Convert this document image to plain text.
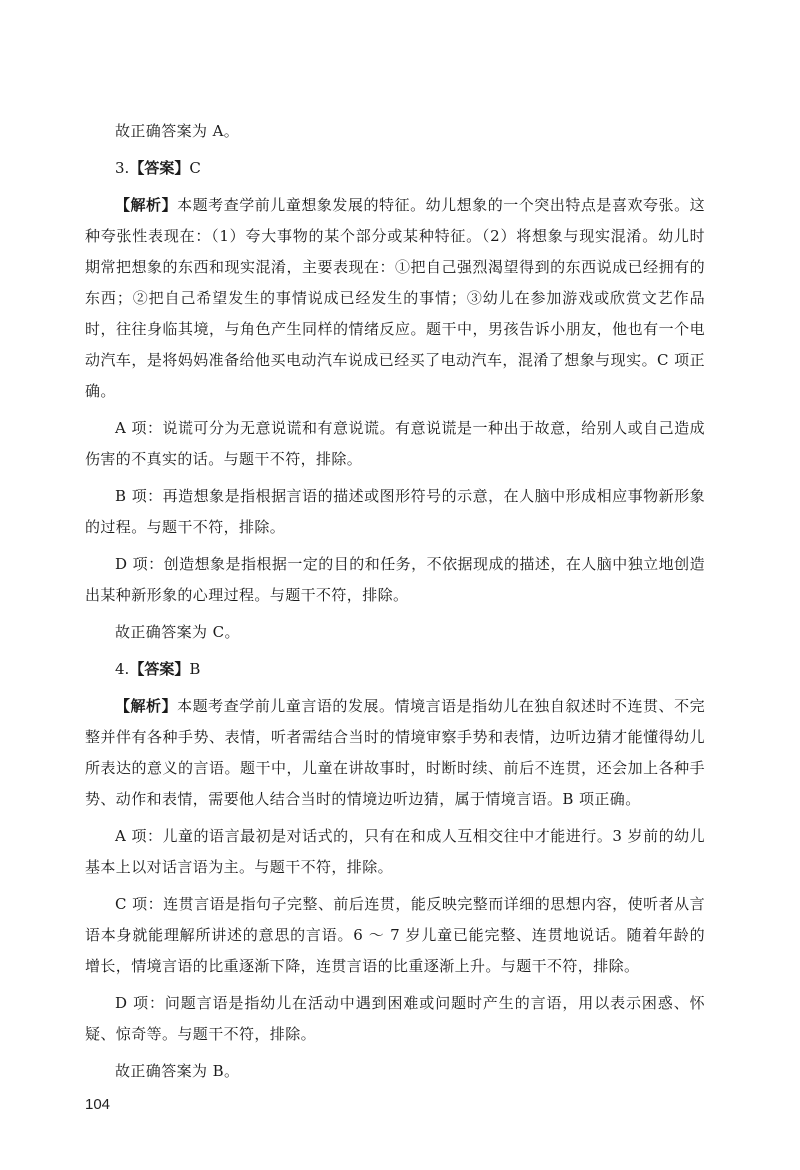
故正确答案为 A。

3.【答案】C

【解析】本题考查学前儿童想象发展的特征。幼儿想象的一个突出特点是喜欢夸张。这种夸张性表现在：（1）夸大事物的某个部分或某种特征。（2）将想象与现实混淆。幼儿时期常把想象的东西和现实混淆，主要表现在：①把自己强烈渴望得到的东西说成已经拥有的东西；②把自己希望发生的事情说成已经发生的事情；③幼儿在参加游戏或欣赏文艺作品时，往往身临其境，与角色产生同样的情绪反应。题干中，男孩告诉小朋友，他也有一个电动汽车，是将妈妈准备给他买电动汽车说成已经买了电动汽车，混淆了想象与现实。C 项正确。

A 项：说谎可分为无意说谎和有意说谎。有意说谎是一种出于故意，给别人或自己造成伤害的不真实的话。与题干不符，排除。

B 项：再造想象是指根据言语的描述或图形符号的示意，在人脑中形成相应事物新形象的过程。与题干不符，排除。

D 项：创造想象是指根据一定的目的和任务，不依据现成的描述，在人脑中独立地创造出某种新形象的心理过程。与题干不符，排除。

故正确答案为 C。

4.【答案】B

【解析】本题考查学前儿童言语的发展。情境言语是指幼儿在独自叙述时不连贯、不完整并伴有各种手势、表情，听者需结合当时的情境审察手势和表情，边听边猜才能懂得幼儿所表达的意义的言语。题干中，儿童在讲故事时，时断时续、前后不连贯，还会加上各种手势、动作和表情，需要他人结合当时的情境边听边猜，属于情境言语。B 项正确。

A 项：儿童的语言最初是对话式的，只有在和成人互相交往中才能进行。3 岁前的幼儿基本上以对话言语为主。与题干不符，排除。

C 项：连贯言语是指句子完整、前后连贯，能反映完整而详细的思想内容，使听者从言语本身就能理解所讲述的意思的言语。6 ～ 7 岁儿童已能完整、连贯地说话。随着年龄的增长，情境言语的比重逐渐下降，连贯言语的比重逐渐上升。与题干不符，排除。

D 项：问题言语是指幼儿在活动中遇到困难或问题时产生的言语，用以表示困惑、怀疑、惊奇等。与题干不符，排除。

故正确答案为 B。

104
